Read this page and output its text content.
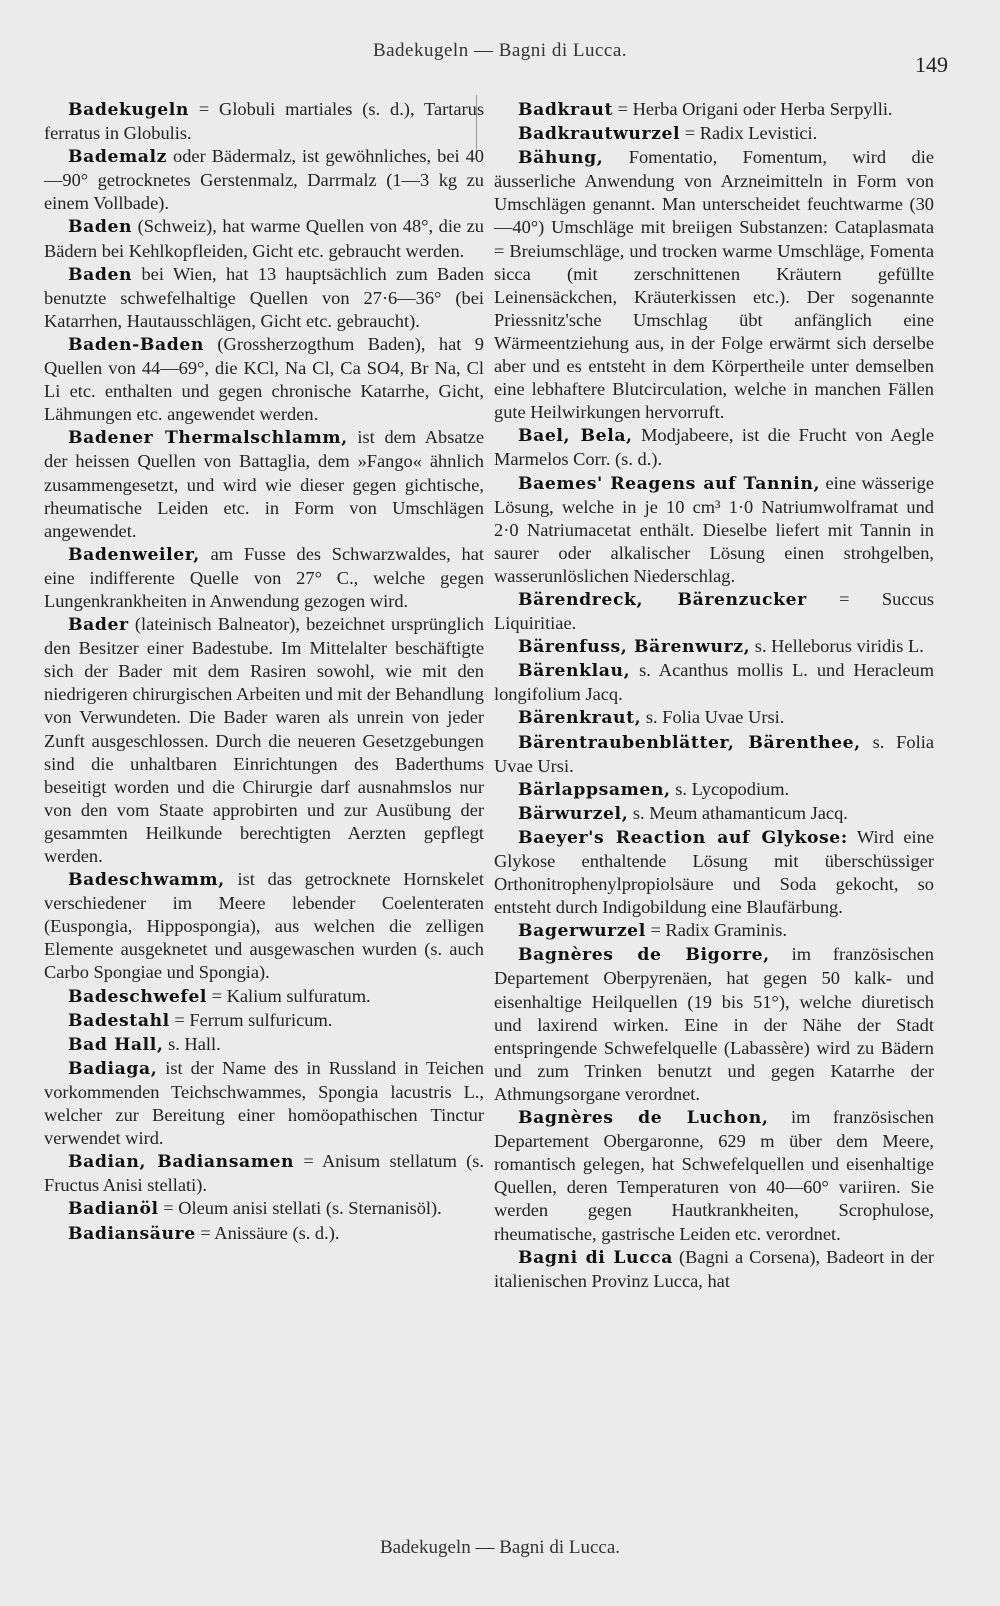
Badekugeln — Bagni di Lucca.
149

Badekugeln = Globuli martiales (s. d.), Tartarus ferratus in Globulis.

Bademalz oder Bädermalz, ist gewöhnliches, bei 40—90° getrocknetes Gerstenmalz, Darrmalz (1—3 kg zu einem Vollbade).

Baden (Schweiz), hat warme Quellen von 48°, die zu Bädern bei Kehlkopfleiden, Gicht etc. gebraucht werden.

Baden bei Wien, hat 13 hauptsächlich zum Baden benutzte schwefelhaltige Quellen von 27·6—36° (bei Katarrhen, Hautausschlägen, Gicht etc. gebraucht).

Baden-Baden (Grossherzogthum Baden), hat 9 Quellen von 44—69°, die KCl, Na Cl, Ca SO4, Br Na, Cl Li etc. enthalten und gegen chronische Katarrhe, Gicht, Lähmungen etc. angewendet werden.

Badener Thermalschlamm, ist dem Absatze der heissen Quellen von Battaglia, dem »Fango« ähnlich zusammengesetzt, und wird wie dieser gegen gichtische, rheumatische Leiden etc. in Form von Umschlägen angewendet.

Badenweiler, am Fusse des Schwarzwaldes, hat eine indifferente Quelle von 27° C., welche gegen Lungenkrankheiten in Anwendung gezogen wird.

Bader (lateinisch Balneator), bezeichnet ursprünglich den Besitzer einer Badestube. Im Mittelalter beschäftigte sich der Bader mit dem Rasiren sowohl, wie mit den niedrigeren chirurgischen Arbeiten und mit der Behandlung von Verwundeten. Die Bader waren als unrein von jeder Zunft ausgeschlossen. Durch die neueren Gesetzgebungen sind die unhaltbaren Einrichtungen des Baderthums beseitigt worden und die Chirurgie darf ausnahmslos nur von den vom Staate approbirten und zur Ausübung der gesammten Heilkunde berechtigten Aerzten gepflegt werden.

Badeschwamm, ist das getrocknete Hornskelet verschiedener im Meere lebender Coelenteraten (Euspongia, Hippospongia), aus welchen die zelligen Elemente ausgeknetet und ausgewaschen wurden (s. auch Carbo Spongiae und Spongia).

Badeschwefel = Kalium sulfuratum.

Badestahl = Ferrum sulfuricum.

Bad Hall, s. Hall.

Badiaga, ist der Name des in Russland in Teichen vorkommenden Teichschwammes, Spongia lacustris L., welcher zur Bereitung einer homöopathischen Tinctur verwendet wird.

Badian, Badiansamen = Anisum stellatum (s. Fructus Anisi stellati).

Badianöl = Oleum anisi stellati (s. Sternanisöl).

Badiansäure = Anissäure (s. d.).

Badkraut = Herba Origani oder Herba Serpylli.

Badkrautwurzel = Radix Levistici.

Bähung, Fomentatio, Fomentum, wird die äusserliche Anwendung von Arzneimitteln in Form von Umschlägen genannt. Man unterscheidet feuchtwarme (30—40°) Umschläge mit breiigen Substanzen: Cataplasmata = Breiumschläge, und trocken warme Umschläge, Fomenta sicca (mit zerschnittenen Kräutern gefüllte Leinensäckchen, Kräuterkissen etc.). Der sogenannte Priessnitz'sche Umschlag übt anfänglich eine Wärmeentziehung aus, in der Folge erwärmt sich derselbe aber und es entsteht in dem Körpertheile unter demselben eine lebhaftere Blutcirculation, welche in manchen Fällen gute Heilwirkungen hervorruft.

Bael, Bela, Modjabeere, ist die Frucht von Aegle Marmelos Corr. (s. d.).

Baemes' Reagens auf Tannin, eine wässerige Lösung, welche in je 10 cm³ 1·0 Natriumwolframat und 2·0 Natriumacetat enthält. Dieselbe liefert mit Tannin in saurer oder alkalischer Lösung einen strohgelben, wasserunlöslichen Niederschlag.

Bärendreck, Bärenzucker = Succus Liquiritiae.

Bärenfuss, Bärenwurz, s. Helleborus viridis L.

Bärenklau, s. Acanthus mollis L. und Heracleum longifolium Jacq.

Bärenkraut, s. Folia Uvae Ursi.

Bärentraubenblätter, Bärenthee, s. Folia Uvae Ursi.

Bärlappsamen, s. Lycopodium.

Bärwurzel, s. Meum athamanticum Jacq.

Baeyer's Reaction auf Glykose: Wird eine Glykose enthaltende Lösung mit überschüssiger Orthonitrophenylpropiolsäure und Soda gekocht, so entsteht durch Indigobildung eine Blaufärbung.

Bagerwurzel = Radix Graminis.

Bagnères de Bigorre, im französischen Departement Oberpyrenäen, hat gegen 50 kalk- und eisenhaltige Heilquellen (19 bis 51°), welche diuretisch und laxirend wirken. Eine in der Nähe der Stadt entspringende Schwefelquelle (Labassère) wird zu Bädern und zum Trinken benutzt und gegen Katarrhe der Athmungsorgane verordnet.

Bagnères de Luchon, im französischen Departement Obergaronne, 629 m über dem Meere, romantisch gelegen, hat Schwefelquellen und eisenhaltige Quellen, deren Temperaturen von 40—60° variiren. Sie werden gegen Hautkrankheiten, Scrophulose, rheumatische, gastrische Leiden etc. verordnet.

Bagni di Lucca (Bagni a Corsena), Badeort in der italienischen Provinz Lucca, hat

Badekugeln — Bagni di Lucca.
